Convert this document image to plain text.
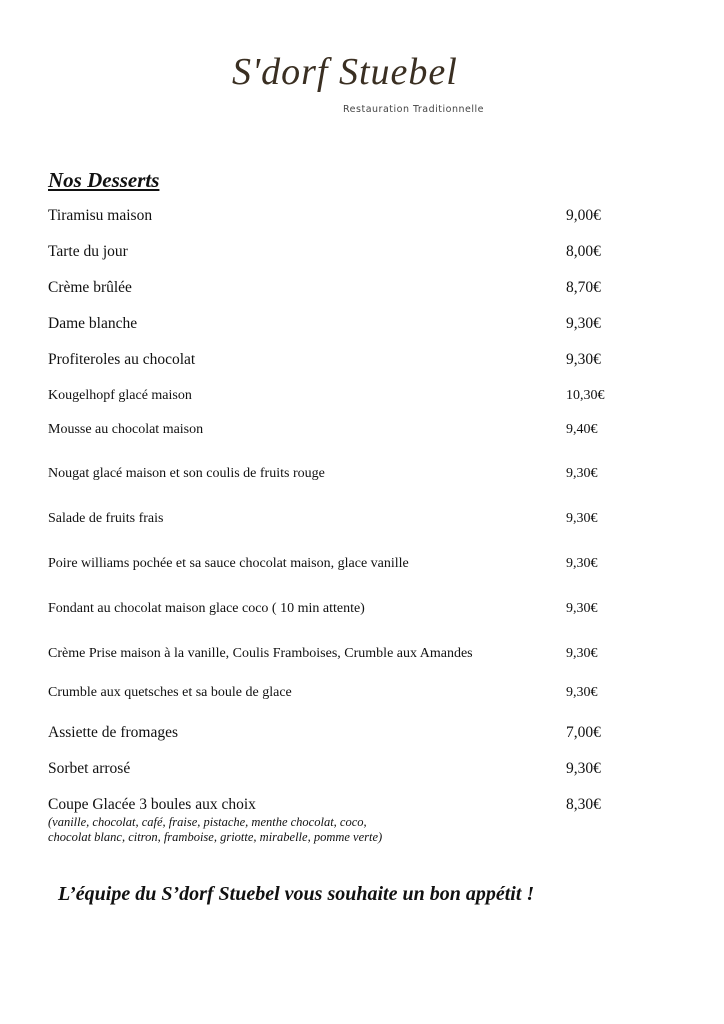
S'dorf Stuebel
Restauration Traditionnelle
Nos Desserts
Tiramisu maison	9,00€
Tarte du jour	8,00€
Crème brûlée	8,70€
Dame blanche	9,30€
Profiteroles au chocolat	9,30€
Kougelhopf glacé maison	10,30€
Mousse au chocolat maison	9,40€
Nougat glacé maison et son coulis de fruits rouge	9,30€
Salade de fruits frais	9,30€
Poire williams pochée et sa sauce chocolat maison, glace vanille	9,30€
Fondant au chocolat maison glace coco ( 10 min attente)	9,30€
Crème Prise maison à la vanille, Coulis Framboises, Crumble aux Amandes	9,30€
Crumble aux quetsches et sa boule de glace	9,30€
Assiette de fromages	7,00€
Sorbet arrosé	9,30€
Coupe Glacée 3 boules aux choix	8,30€
(vanille, chocolat, café, fraise, pistache, menthe chocolat, coco,
chocolat blanc, citron, framboise, griotte, mirabelle, pomme verte)
L’équipe du S’dorf Stuebel vous souhaite un bon appétit !
